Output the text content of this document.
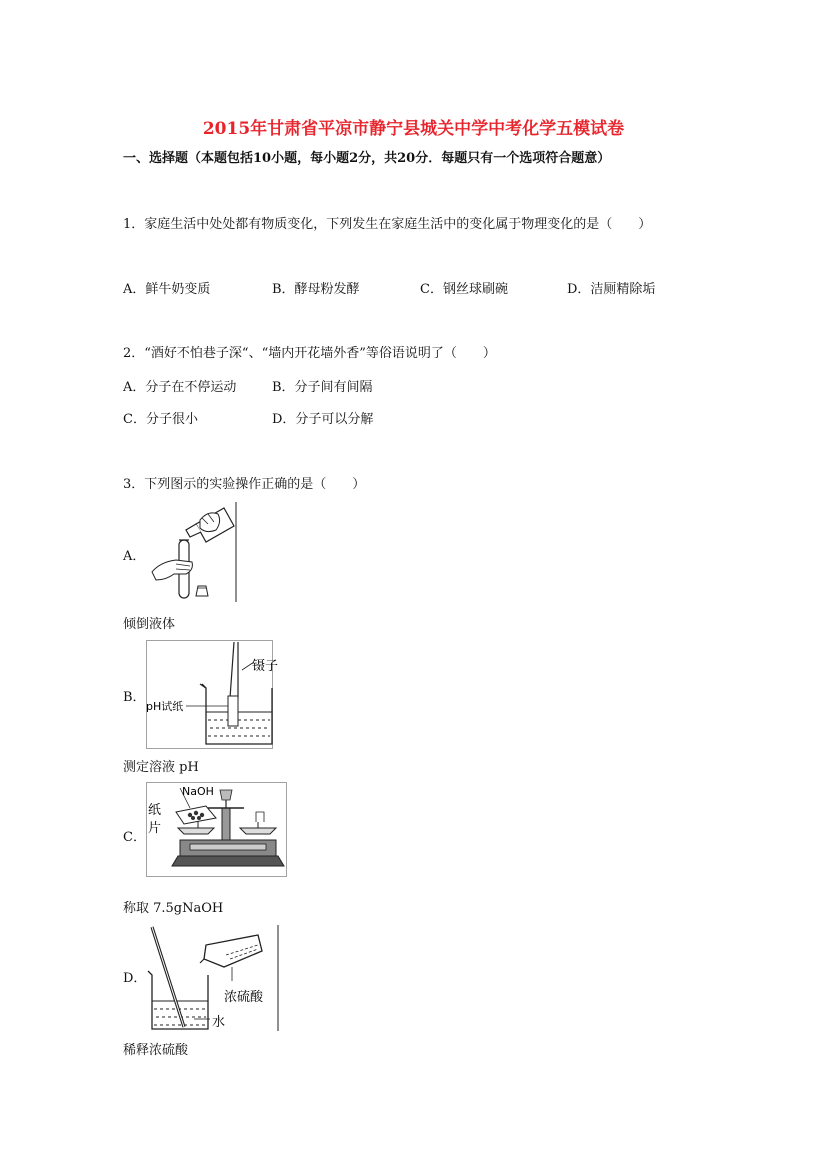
2015年甘肃省平凉市静宁县城关中学中考化学五模试卷
一、选择题（本题包括10小题，每小题2分，共20分．每题只有一个选项符合题意）
1．家庭生活中处处都有物质变化，下列发生在家庭生活中的变化属于物理变化的是（　　）
A．鲜牛奶变质	B．酵母粉发酵	C．钢丝球刷碗	D．洁厕精除垢
2．“酒好不怕巷子深“、“墙内开花墙外香”等俗语说明了（　　）
A．分子在不停运动	B．分子间有间隔
C．分子很小	D．分子可以分解
3．下列图示的实验操作正确的是（　　）
A．
倾倒液体
B．
镊子
pH试纸
测定溶液 pH
C．
NaOH
纸
片
称取 7.5gNaOH
D．
浓硫酸
水
稀释浓硫酸
